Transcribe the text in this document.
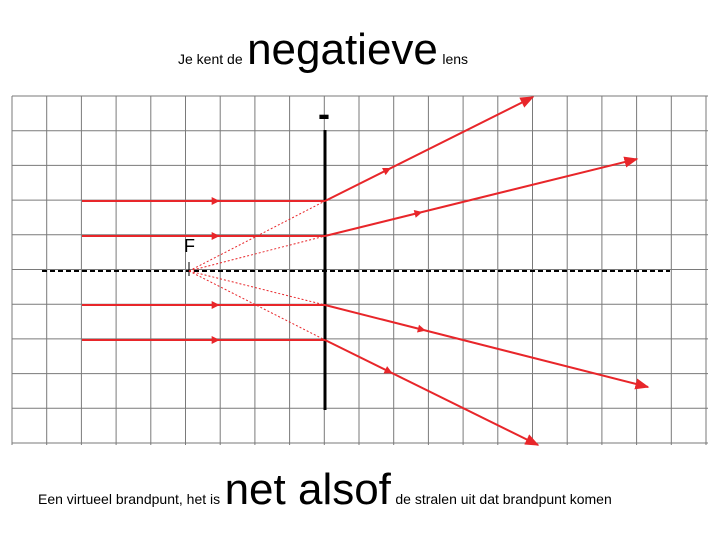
Je kent de negatieve lens
-
F
Een virtueel brandpunt, het is net alsof de stralen uit dat brandpunt komen
